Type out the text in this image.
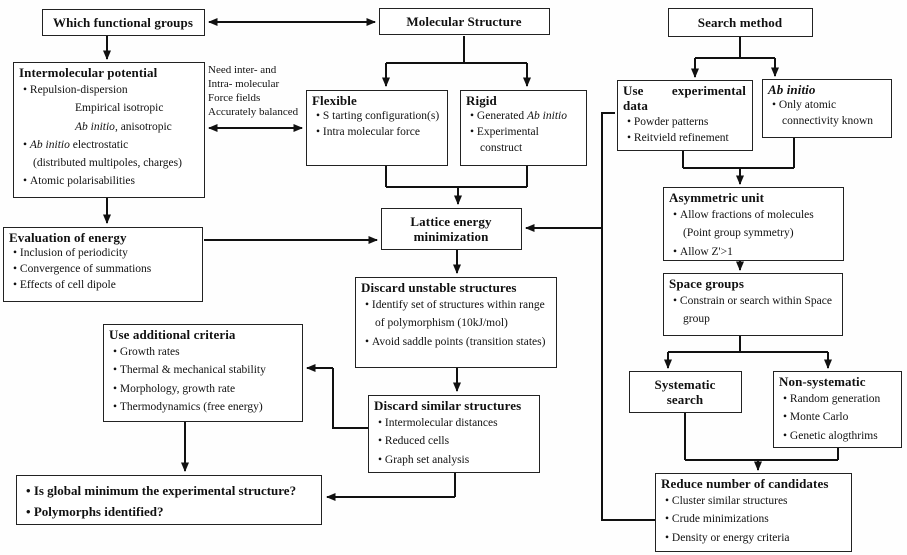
Which functional groups	Molecular Structure	Search method
Intermolecular potential
• Repulsion-dispersion
Empirical isotropic
Ab initio, anisotropic
• Ab initio electrostatic
(distributed multipoles, charges)
• Atomic polarisabilities
Need inter- and
Intra- molecular
Force fields
Accurately balanced
Flexible
• S tarting configuration(s)
• Intra molecular force
Rigid
• Generated Ab initio
• Experimental construct
Use experimental data
• Powder patterns
• Reitvield refinement
Ab initio
• Only atomic connectivity known
Asymmetric unit
• Allow fractions of molecules
(Point group symmetry)
• Allow Z'>1
Space groups
• Constrain or search within Space group
Lattice energy minimization
Evaluation of energy
• Inclusion of periodicity
• Convergence of summations
• Effects of cell dipole	Discard unstable structures
• Identify set of structures within range of polymorphism (10kJ/mol)
• Avoid saddle points (transition states)
Use additional criteria
• Growth rates
• Thermal & mechanical stability
• Morphology, growth rate
• Thermodynamics (free energy)	Discard similar structures
• Intermolecular distances
• Reduced cells
• Graph set analysis
Systematic search
Non-systematic
• Random generation
• Monte Carlo
• Genetic alogthrims
Reduce number of candidates
• Cluster similar structures
• Crude minimizations
• Density or energy criteria
• Is global minimum the experimental structure?
• Polymorphs identified?
